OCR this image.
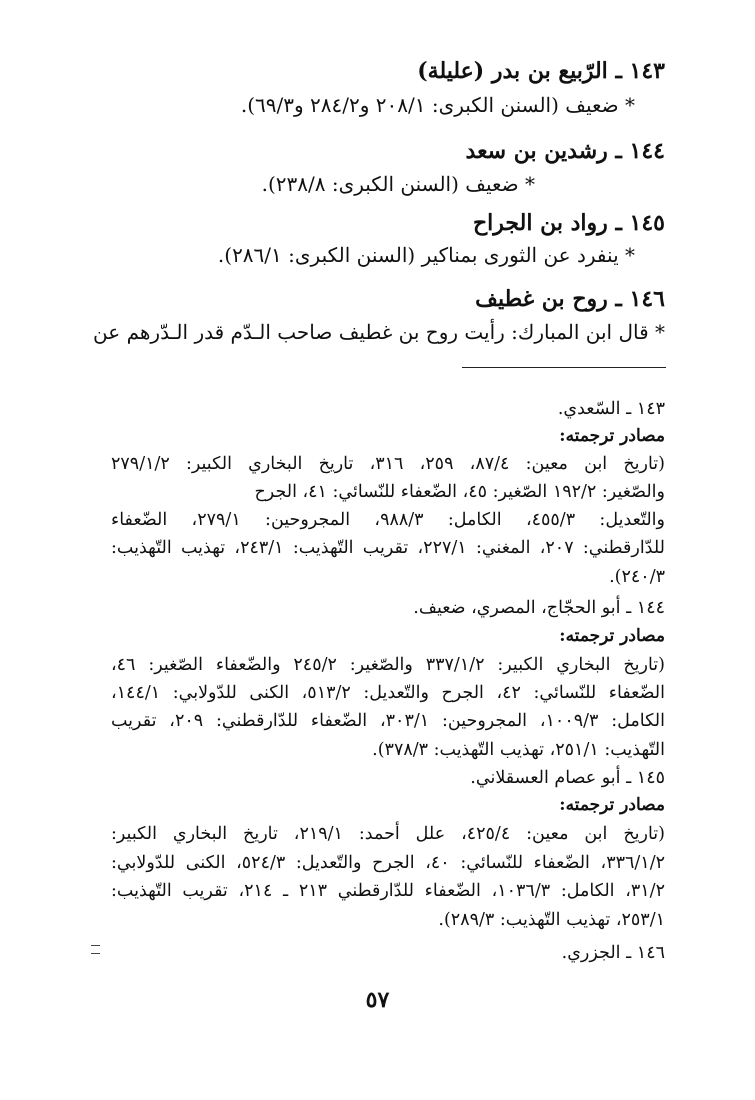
١٤٣ ـ الرّبيع بن بدر (عليلة)
* ضعيف (السنن الكبرى: ٢٠٨/١ و٢٨٤/٢ و٦٩/٣).
١٤٤ ـ رشدين بن سعد
* ضعيف (السنن الكبرى: ٢٣٨/٨).
١٤٥ ـ رواد بن الجراح
* ينفرد عن الثورى بمناكير (السنن الكبرى: ٢٨٦/١).
١٤٦ ـ روح بن غطيف
* قال ابن المبارك: رأيت روح بن غطيف صاحب الـدّم قدر الـدّرهم عن
١٤٣ ـ السّعدي.
مصادر ترجمته:
(تاريخ ابن معين: ٨٧/٤، ٢٥٩، ٣١٦، تاريخ البخاري الكبير: ٢٧٩/١/٢
والصّغير: ١٩٢/٢ الصّغير: ٤٥، الضّعفاء للنّسائي: ٤١، الجرح
والتّعديل: ٤٥٥/٣، الكامل: ٩٨٨/٣، المجروحين: ٢٧٩/١، الضّعفاء
للدّارقطني: ٢٠٧، المغني: ٢٢٧/١، تقريب التّهذيب: ٢٤٣/١، تهذيب التّهذيب:
٢٤٠/٣).
١٤٤ ـ أبو الحجّاج، المصري، ضعيف.
مصادر ترجمته:
(تاريخ البخاري الكبير: ٣٣٧/١/٢ والصّغير: ٢٤٥/٢ والضّعفاء الصّغير: ٤٦،
الضّعفاء للنّسائي: ٤٢، الجرح والتّعديل: ٥١٣/٢، الكنى للدّولابي: ١٤٤/١،
الكامل: ١٠٠٩/٣، المجروحين: ٣٠٣/١، الضّعفاء للدّارقطني: ٢٠٩، تقريب
التّهذيب: ٢٥١/١، تهذيب التّهذيب: ٣٧٨/٣).
١٤٥ ـ أبو عصام العسقلاني.
مصادر ترجمته:
(تاريخ ابن معين: ٤٢٥/٤، علل أحمد: ٢١٩/١، تاريخ البخاري الكبير:
٣٣٦/١/٢، الضّعفاء للنّسائي: ٤٠، الجرح والتّعديل: ٥٢٤/٣، الكنى للدّولابي:
٣١/٢، الكامل: ١٠٣٦/٣، الضّعفاء للدّارقطني ٢١٣ ـ ٢١٤، تقريب التّهذيب:
٢٥٣/١، تهذيب التّهذيب: ٢٨٩/٣).
١٤٦ ـ الجزري.
٥٧
